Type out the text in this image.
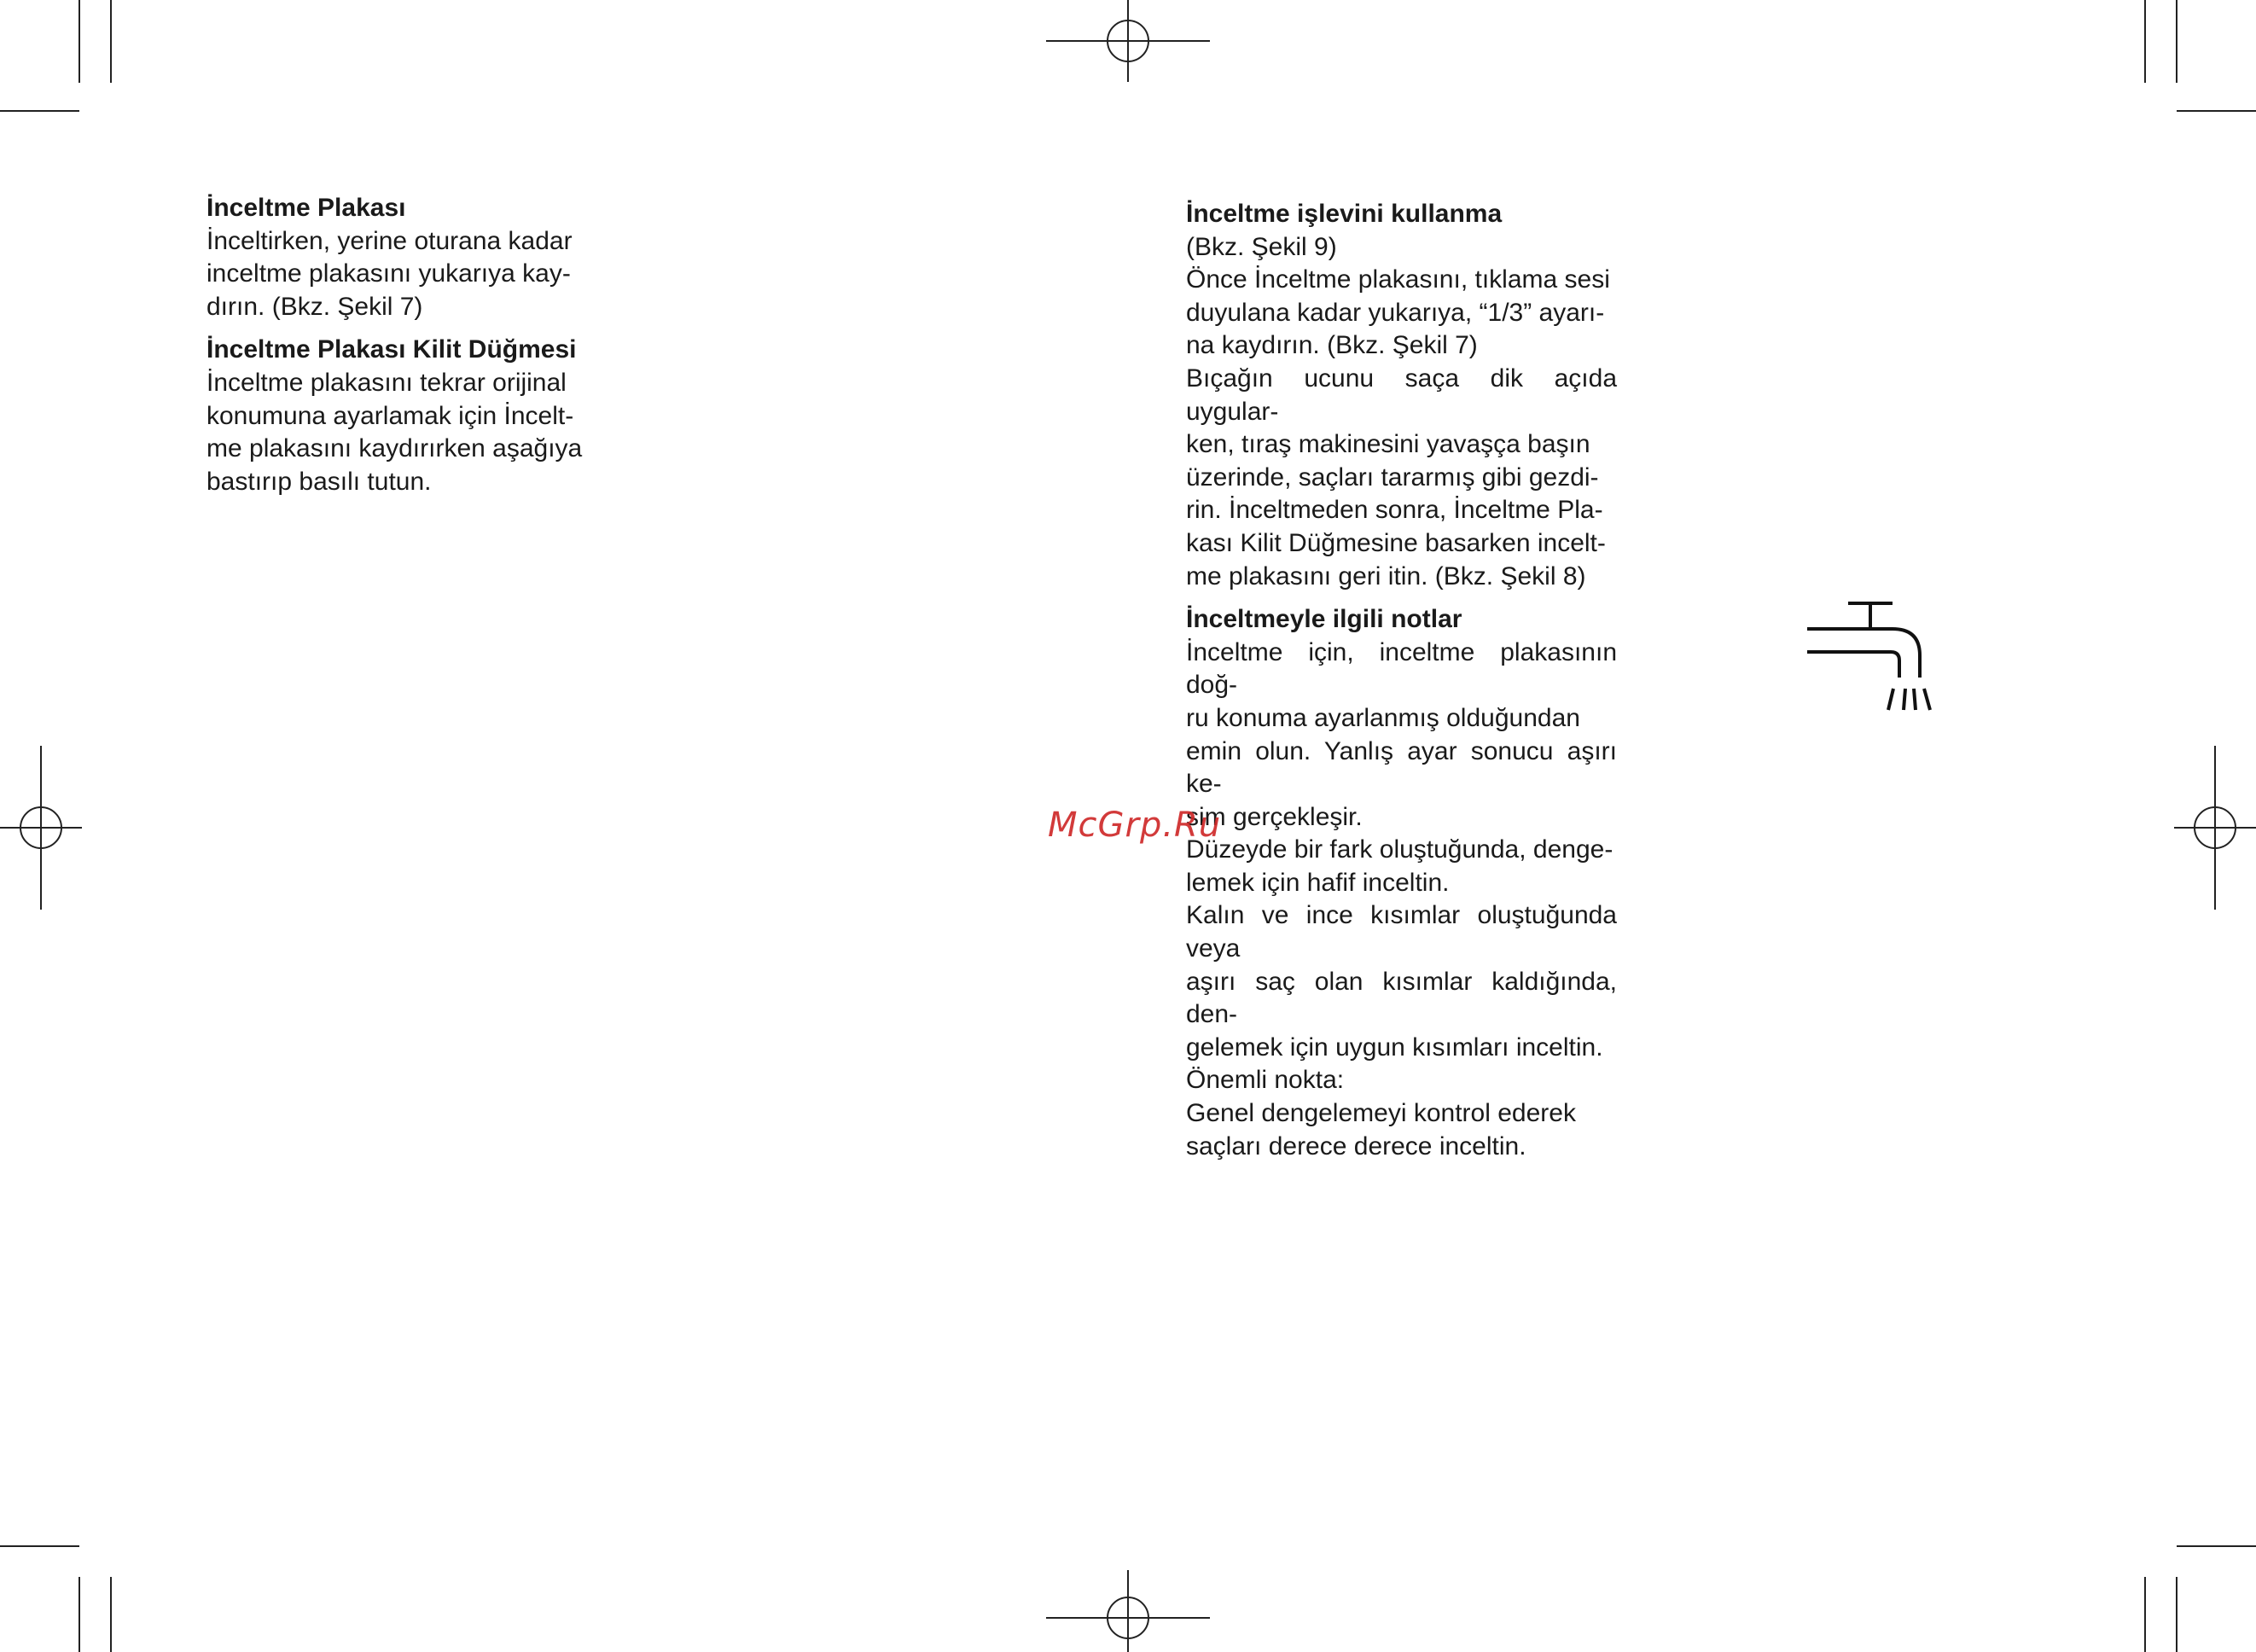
İnceltme Plakası

İnceltirken, yerine oturana kadar
inceltme plakasını yukarıya kay-
dırın. (Bkz. Şekil 7)

İnceltme Plakası Kilit Düğmesi

İnceltme plakasını tekrar orijinal
konumuna ayarlamak için İncelt-
me plakasını kaydırırken aşağıya
bastırıp basılı tutun.

İnceltme işlevini kullanma

(Bkz. Şekil 9)
Önce İnceltme plakasını, tıklama sesi
duyulana kadar yukarıya, “1/3” ayarı-
na kaydırın. (Bkz. Şekil 7)
Bıçağın ucunu saça dik açıda uygular-
ken, tıraş makinesini yavaşça başın
üzerinde, saçları tararmış gibi gezdi-
rin. İnceltmeden sonra, İnceltme Pla-
kası Kilit Düğmesine basarken incelt-
me plakasını geri itin. (Bkz. Şekil 8)

İnceltmeyle ilgili notlar

İnceltme için, inceltme plakasının doğ-
ru konuma ayarlanmış olduğundan
emin olun. Yanlış ayar sonucu aşırı ke-
sim gerçekleşir.
Düzeyde bir fark oluştuğunda, denge-
lemek için hafif inceltin.
Kalın ve ince kısımlar oluştuğunda veya
aşırı saç olan kısımlar kaldığında, den-
gelemek için uygun kısımları inceltin.
Önemli nokta:
Genel dengelemeyi kontrol ederek
saçları derece derece inceltin.

McGrp.Ru
